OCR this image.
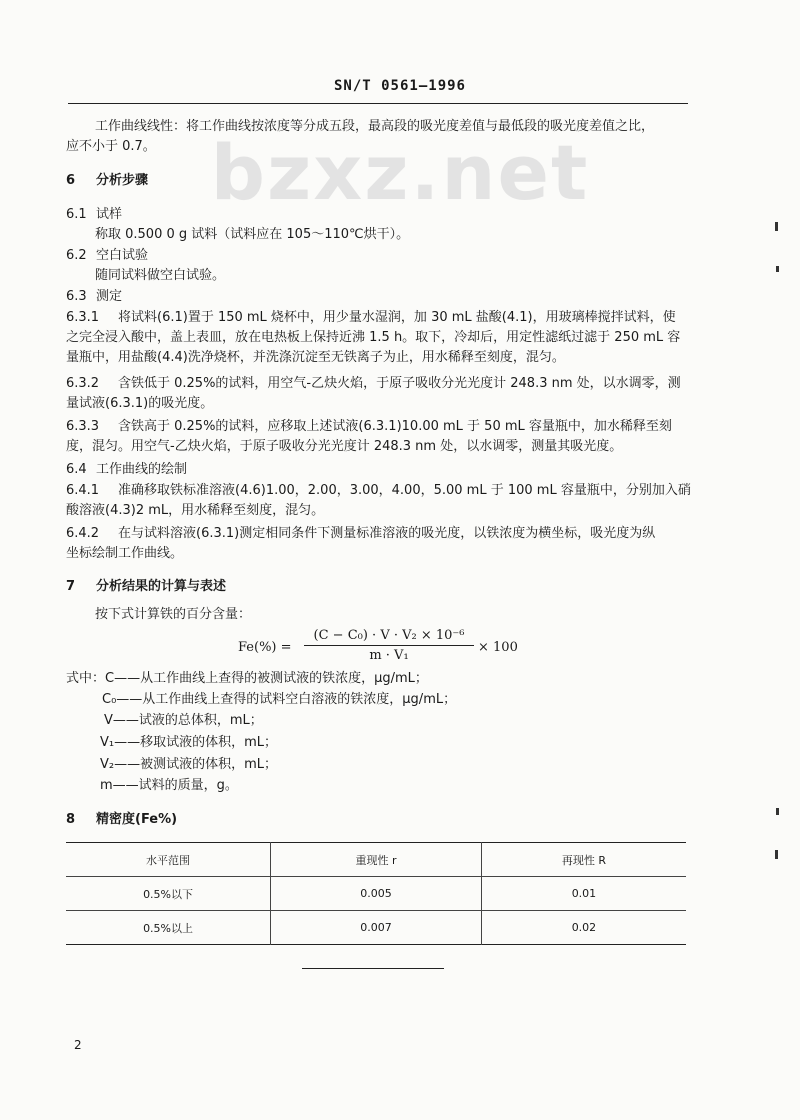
bzxz.net
SN/T 0561—1996
工作曲线线性：将工作曲线按浓度等分成五段，最高段的吸光度差值与最低段的吸光度差值之比，
应不小于 0.7。
6 分析步骤
6.1 试样
称取 0.500 0 g 试料（试料应在 105～110℃烘干）。
6.2 空白试验
随同试料做空白试验。
6.3 测定
6.3.1 将试料(6.1)置于 150 mL 烧杯中，用少量水湿润，加 30 mL 盐酸(4.1)，用玻璃棒搅拌试料，使
之完全浸入酸中，盖上表皿，放在电热板上保持近沸 1.5 h。取下，冷却后，用定性滤纸过滤于 250 mL 容
量瓶中，用盐酸(4.4)洗净烧杯，并洗涤沉淀至无铁离子为止，用水稀释至刻度，混匀。
6.3.2 含铁低于 0.25%的试料，用空气-乙炔火焰，于原子吸收分光光度计 248.3 nm 处，以水调零，测
量试液(6.3.1)的吸光度。
6.3.3 含铁高于 0.25%的试料，应移取上述试液(6.3.1)10.00 mL 于 50 mL 容量瓶中，加水稀释至刻
度，混匀。用空气-乙炔火焰，于原子吸收分光光度计 248.3 nm 处，以水调零，测量其吸光度。
6.4 工作曲线的绘制
6.4.1 准确移取铁标准溶液(4.6)1.00，2.00，3.00，4.00，5.00 mL 于 100 mL 容量瓶中，分别加入硝
酸溶液(4.3)2 mL，用水稀释至刻度，混匀。
6.4.2 在与试料溶液(6.3.1)测定相同条件下测量标准溶液的吸光度，以铁浓度为横坐标，吸光度为纵
坐标绘制工作曲线。
7 分析结果的计算与表述
按下式计算铁的百分含量：
$Fe(\%) = \frac{\text{(C − C₀) · V · V₂ × 10⁻⁶}}{\text{m · V₁}} \times 100$
式中：C——从工作曲线上查得的被测试液的铁浓度，μg/mL；
C₀——从工作曲线上查得的试料空白溶液的铁浓度，μg/mL；
V——试液的总体积，mL；
V₁——移取试液的体积，mL；
V₂——被测试液的体积，mL；
m——试料的质量，g。
8 精密度(Fe%)
水平范围	重现性 r	再现性 R
0.5%以下	0.005	0.01
0.5%以上	0.007	0.02
2
